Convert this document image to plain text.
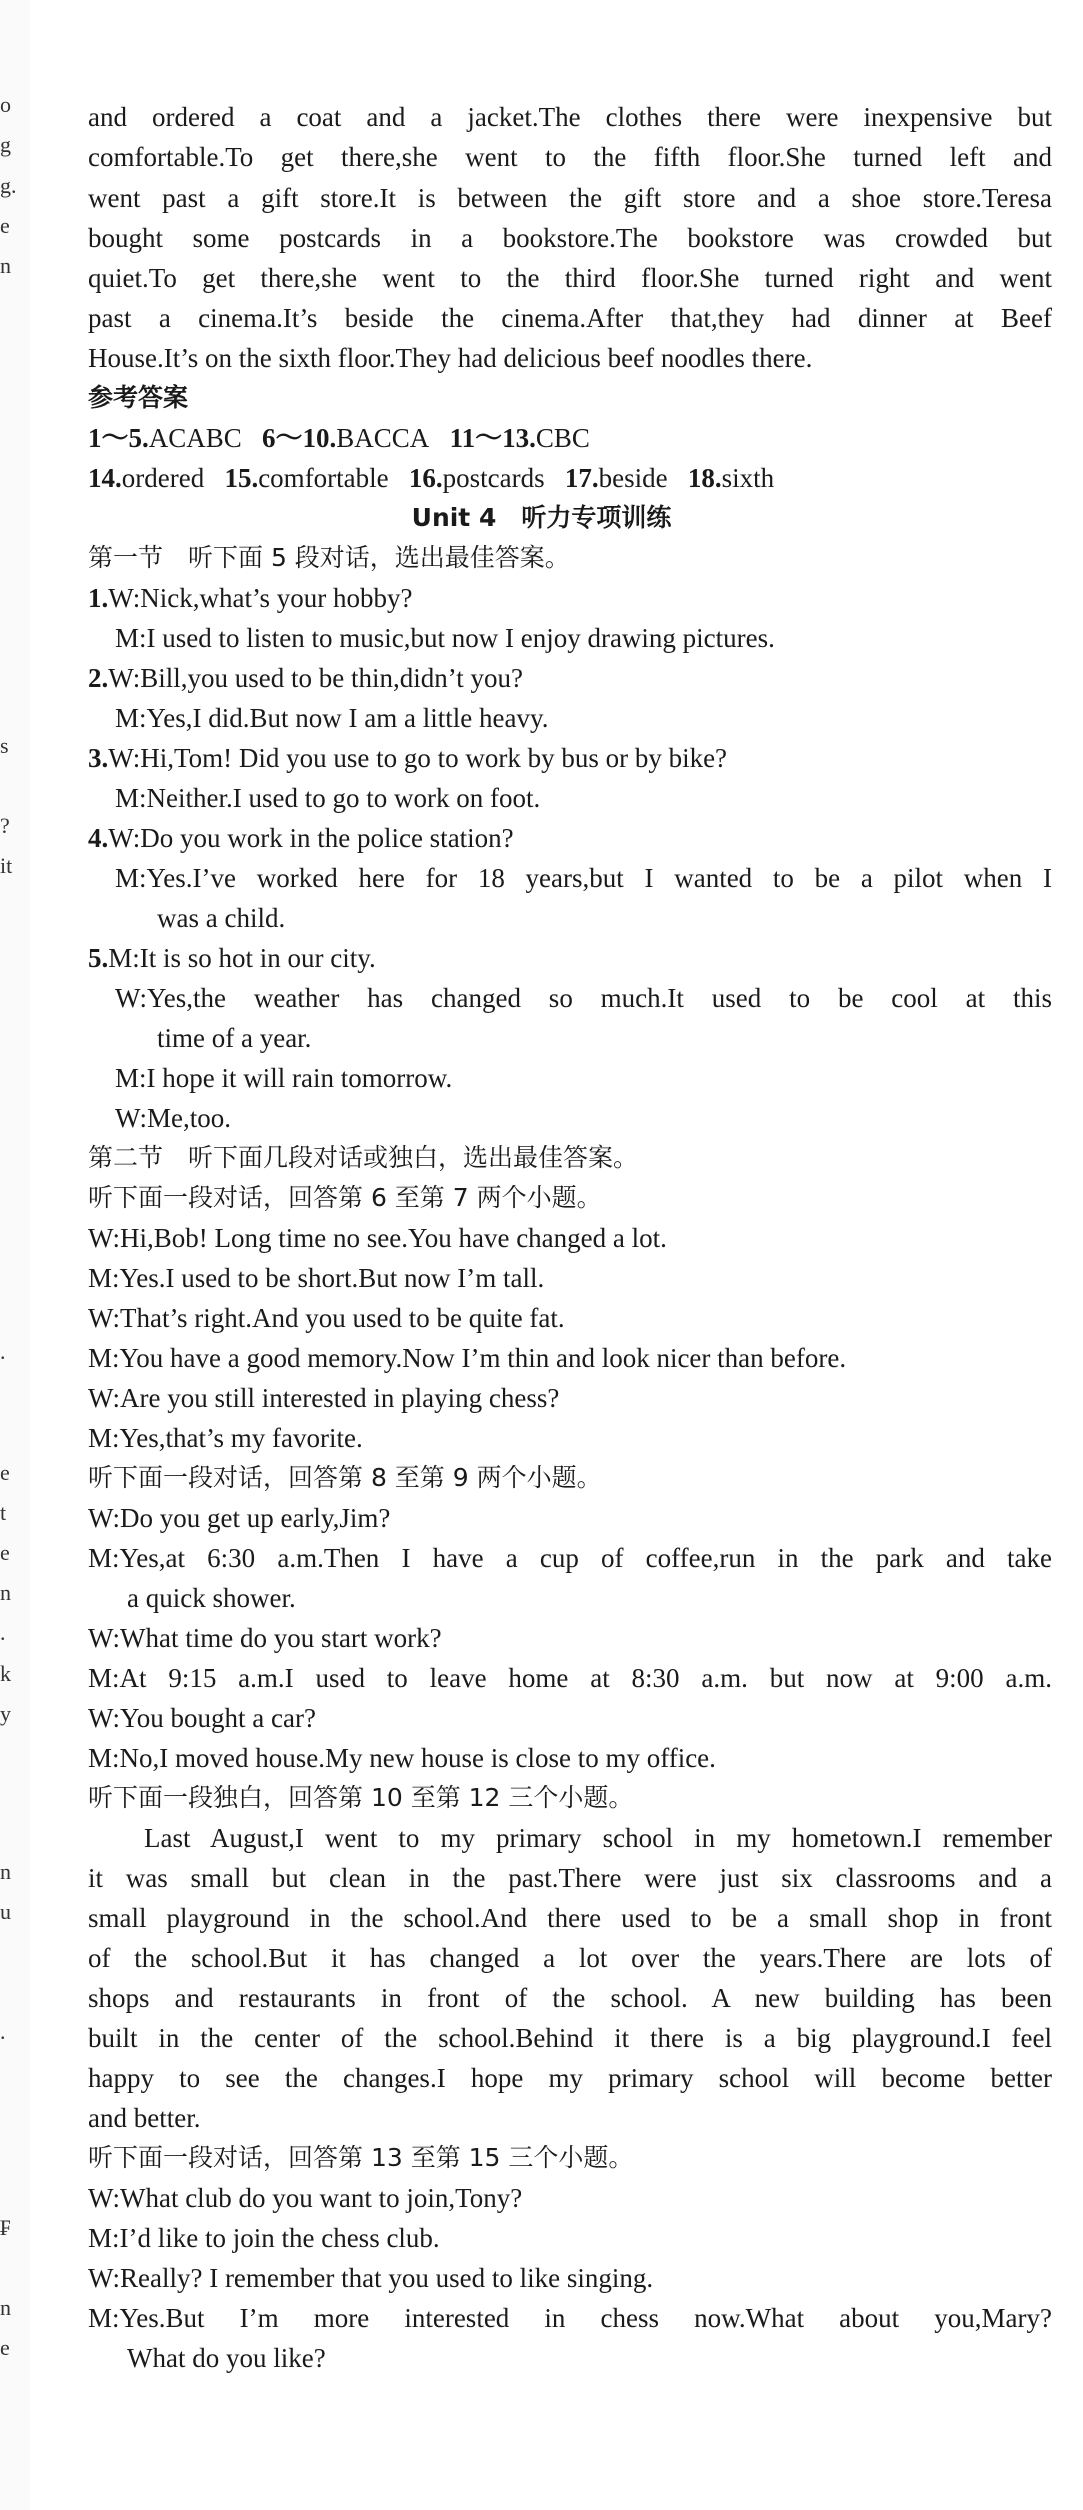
o
g
g.
e
n
s
?
it
.
e
t
e
n
.
k
y
n
u
.
₣
n
e
and ordered a coat and a jacket.The clothes there were inexpensive but
comfortable.To get there,she went to the fifth floor.She turned left and
went past a gift store.It is between the gift store and a shoe store.Teresa
bought some postcards in a bookstore.The bookstore was crowded but
quiet.To get there,she went to the third floor.She turned right and went
past a cinema.It’s beside the cinema.After that,they had dinner at Beef
House.It’s on the sixth floor.They had delicious beef noodles there.
参考答案
1～5.ACABC 6～10.BACCA 11～13.CBC
14.ordered 15.comfortable 16.postcards 17.beside 18.sixth
Unit 4　听力专项训练
第一节　听下面 5 段对话，选出最佳答案。
1.W:Nick,what’s your hobby?
M:I used to listen to music,but now I enjoy drawing pictures.
2.W:Bill,you used to be thin,didn’t you?
M:Yes,I did.But now I am a little heavy.
3.W:Hi,Tom! Did you use to go to work by bus or by bike?
M:Neither.I used to go to work on foot.
4.W:Do you work in the police station?
M:Yes.I’ve worked here for 18 years,but I wanted to be a pilot when I
was a child.
5.M:It is so hot in our city.
W:Yes,the weather has changed so much.It used to be cool at this
time of a year.
M:I hope it will rain tomorrow.
W:Me,too.
第二节　听下面几段对话或独白，选出最佳答案。
听下面一段对话，回答第 6 至第 7 两个小题。
W:Hi,Bob! Long time no see.You have changed a lot.
M:Yes.I used to be short.But now I’m tall.
W:That’s right.And you used to be quite fat.
M:You have a good memory.Now I’m thin and look nicer than before.
W:Are you still interested in playing chess?
M:Yes,that’s my favorite.
听下面一段对话，回答第 8 至第 9 两个小题。
W:Do you get up early,Jim?
M:Yes,at 6:30 a.m.Then I have a cup of coffee,run in the park and take
a quick shower.
W:What time do you start work?
M:At 9:15 a.m.I used to leave home at 8:30 a.m. but now at 9:00 a.m.
W:You bought a car?
M:No,I moved house.My new house is close to my office.
听下面一段独白，回答第 10 至第 12 三个小题。
Last August,I went to my primary school in my hometown.I remember
it was small but clean in the past.There were just six classrooms and a
small playground in the school.And there used to be a small shop in front
of the school.But it has changed a lot over the years.There are lots of
shops and restaurants in front of the school. A new building has been
built in the center of the school.Behind it there is a big playground.I feel
happy to see the changes.I hope my primary school will become better
and better.
听下面一段对话，回答第 13 至第 15 三个小题。
W:What club do you want to join,Tony?
M:I’d like to join the chess club.
W:Really? I remember that you used to like singing.
M:Yes.But I’m more interested in chess now.What about you,Mary?
What do you like?
